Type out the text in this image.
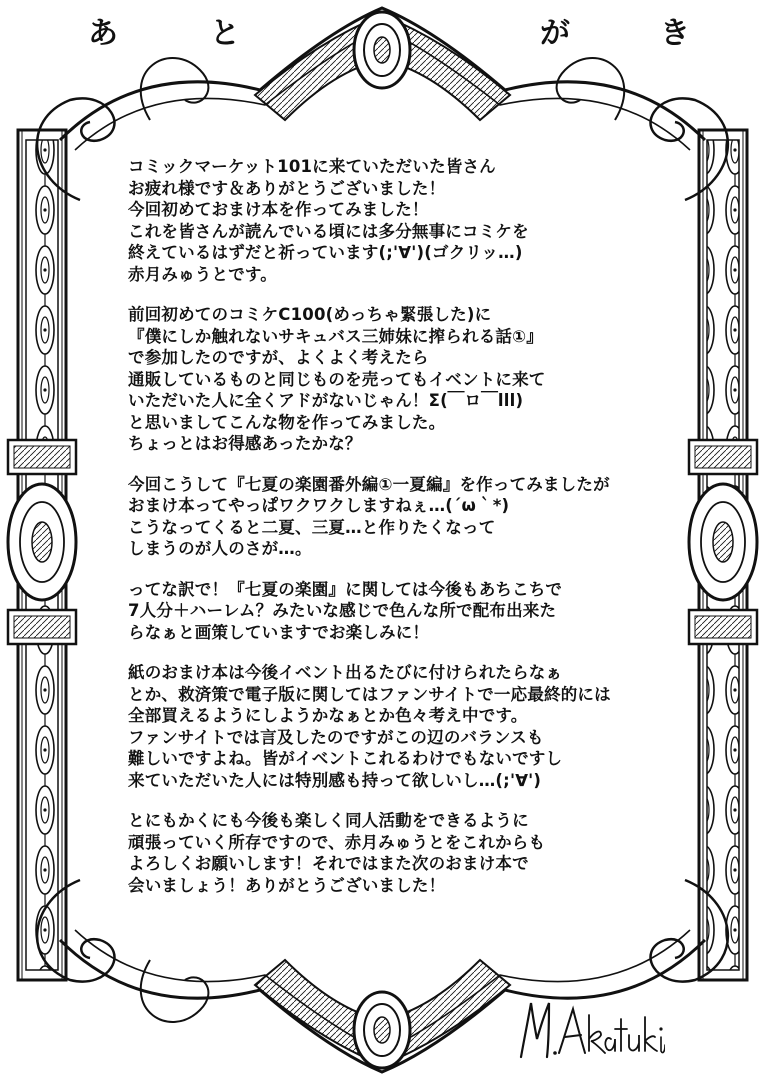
あ	と	が	き
コミックマーケット101に来ていただいた皆さん
お疲れ様です＆ありがとうございました！
今回初めておまけ本を作ってみました！
これを皆さんが読んでいる頃には多分無事にコミケを
終えているはずだと祈っています(;'∀')(ゴクリッ…)
赤月みゅうとです。
前回初めてのコミケC100(めっちゃ緊張した)に
『僕にしか触れないサキュバス三姉妹に搾られる話①』
で参加したのですが、よくよく考えたら
通販しているものと同じものを売ってもイベントに来て
いただいた人に全くアドがないじゃん！Σ(￣ロ￣lll)
と思いましてこんな物を作ってみました。
ちょっとはお得感あったかな？
今回こうして『七夏の楽園番外編①一夏編』を作ってみましたが
おまけ本ってやっぱワクワクしますねぇ…(´ω｀*)
こうなってくると二夏、三夏…と作りたくなって
しまうのが人のさが…。
ってな訳で！『七夏の楽園』に関しては今後もあちこちで
7人分＋ハーレム？みたいな感じで色んな所で配布出来た
らなぁと画策していますでお楽しみに！
紙のおまけ本は今後イベント出るたびに付けられたらなぁ
とか、救済策で電子版に関してはファンサイトで一応最終的には
全部買えるようにしようかなぁとか色々考え中です。
ファンサイトでは言及したのですがこの辺のバランスも
難しいですよね。皆がイベントこれるわけでもないですし
来ていただいた人には特別感も持って欲しいし…(;'∀')
とにもかくにも今後も楽しく同人活動をできるように
頑張っていく所存ですので、赤月みゅうとをこれからも
よろしくお願いします！それではまた次のおまけ本で
会いましょう！ありがとうございました！
